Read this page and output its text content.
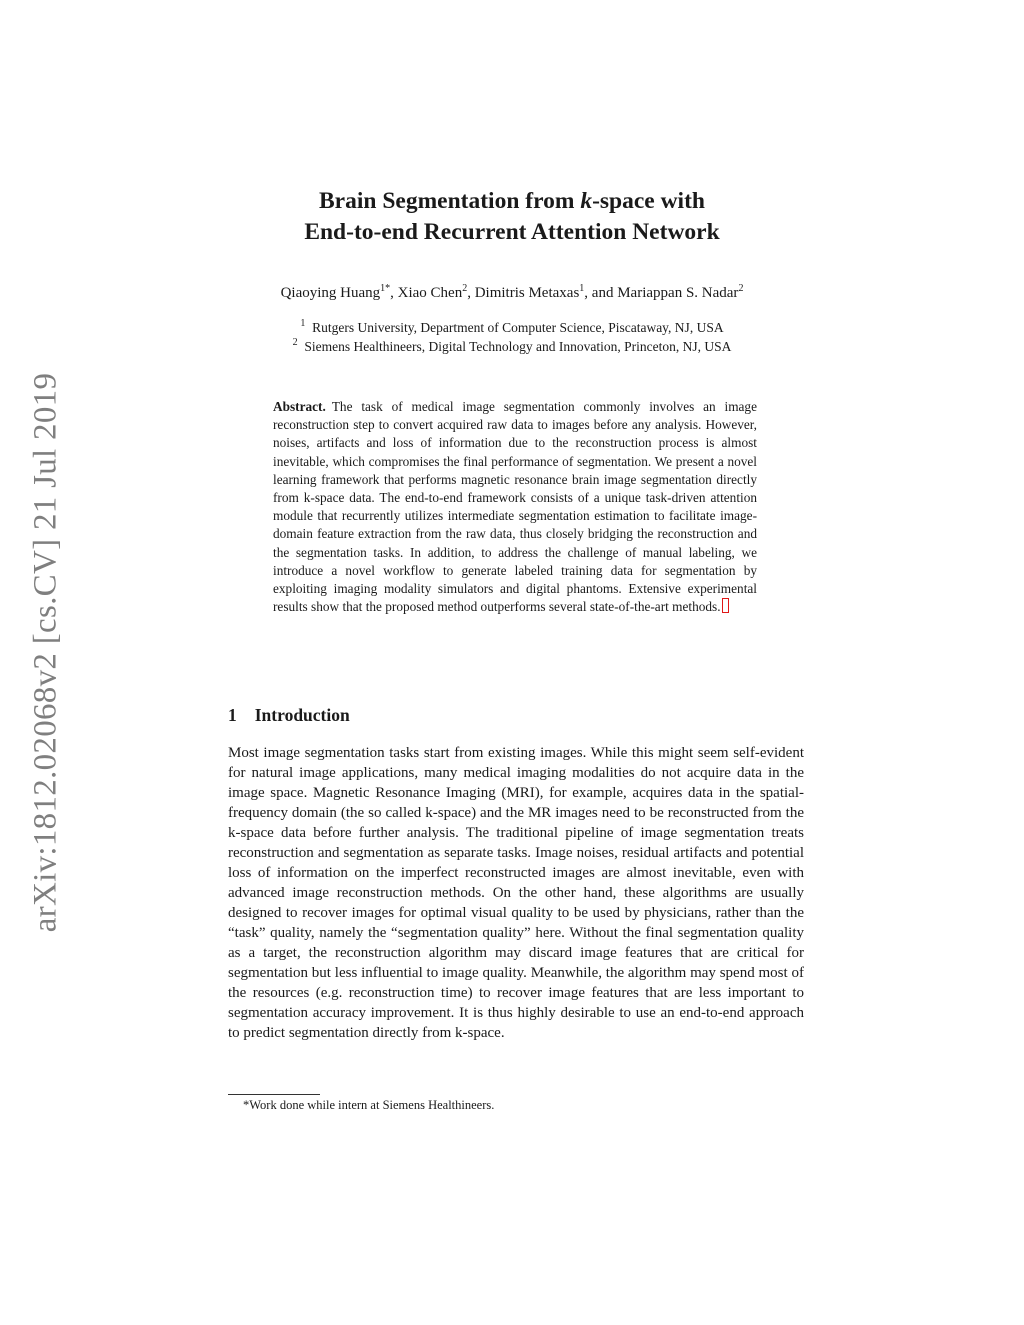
arXiv:1812.02068v2 [cs.CV] 21 Jul 2019
Brain Segmentation from k-space with
End-to-end Recurrent Attention Network
Qiaoying Huang$^{1*}$, Xiao Chen$^2$, Dimitris Metaxas$^1$, and Mariappan S. Nadar$^2$
$^1$ Rutgers University, Department of Computer Science, Piscataway, NJ, USA
$^2$ Siemens Healthineers, Digital Technology and Innovation, Princeton, NJ, USA
Abstract. The task of medical image segmentation commonly involves an image reconstruction step to convert acquired raw data to images before any analysis. However, noises, artifacts and loss of information due to the reconstruction process is almost inevitable, which compromises the final performance of segmentation. We present a novel learning framework that performs magnetic resonance brain image segmentation directly from k-space data. The end-to-end framework consists of a unique task-driven attention module that recurrently utilizes intermediate segmentation estimation to facilitate image-domain feature extraction from the raw data, thus closely bridging the reconstruction and the segmentation tasks. In addition, to address the challenge of manual labeling, we introduce a novel workflow to generate labeled training data for segmentation by exploiting imaging modality simulators and digital phantoms. Extensive experimental results show that the proposed method outperforms several state-of-the-art methods.
1 Introduction
Most image segmentation tasks start from existing images. While this might seem self-evident for natural image applications, many medical imaging modalities do not acquire data in the image space. Magnetic Resonance Imaging (MRI), for example, acquires data in the spatial-frequency domain (the so called k-space) and the MR images need to be reconstructed from the k-space data before further analysis. The traditional pipeline of image segmentation treats reconstruction and segmentation as separate tasks. Image noises, residual artifacts and potential loss of information on the imperfect reconstructed images are almost inevitable, even with advanced image reconstruction methods. On the other hand, these algorithms are usually designed to recover images for optimal visual quality to be used by physicians, rather than the “task” quality, namely the “segmentation quality” here. Without the final segmentation quality as a target, the reconstruction algorithm may discard image features that are critical for segmentation but less influential to image quality. Meanwhile, the algorithm may spend most of the resources (e.g. reconstruction time) to recover image features that are less important to segmentation accuracy improvement. It is thus highly desirable to use an end-to-end approach to predict segmentation directly from k-space.
*Work done while intern at Siemens Healthineers.
